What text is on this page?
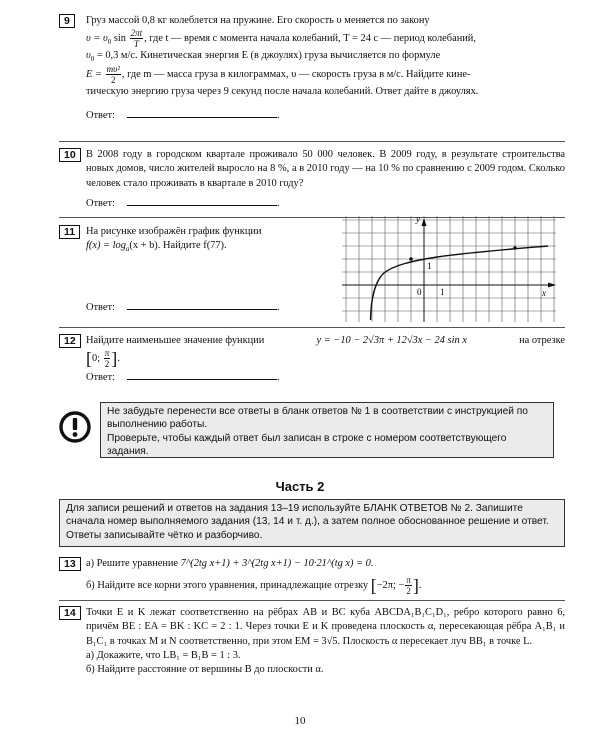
9	Груз массой 0,8 кг колеблется на пружине. Его скорость υ меняется по закону

$\upsilon = \upsilon_0$ $\sin \frac{2\pi t}{T}$ , где t — время с момента начала колебаний, T = 24 с — период колебаний,

$\upsilon_0 = 0,3$ м/с. Кинетическая энергия E (в джоулях) груза вычисляется по формуле

$E = \frac{\text{mυ²}}{2}$ , где m — масса груза в килограммах, υ — скорость груза в м/с. Найдите кине-

тическую энергию груза через 9 секунд после начала колебаний. Ответ дайте в джоулях.

Ответ:	.
10 В 2008 году в городском квартале проживало 50 000 человек. В 2009 году, в результате строительства новых домов, число жителей выросло на 8 %, а в 2010 году — на 10 % по сравнению с 2009 годом. Сколько человек стало проживать в квартале в 2010 году?

Ответ:	.
11	На рисунке изображён график функции

$f(x) = \log_a(x + b)$. Найдите f(77).

Ответ:	.
y
x
0 1
1
12 Найдите наименьшее значение функции	y = −10 − 2√3π + 12√3x − 24 sin x	на отрезке

[0; $\frac{\pi}{2}$ ].

Ответ:	.

Не забудьте перенести все ответы в бланк ответов № 1 в соответствии с инструкцией по выполнению работы.

Проверьте, чтобы каждый ответ был записан в строке с номером соответствующего задания.

Часть 2
Для записи решений и ответов на задания 13–19 используйте БЛАНК ОТВЕТОВ № 2. Запишите сначала номер выполняемого задания (13, 14 и т. д.), а затем полное обоснованное решение и ответ. Ответы записывайте чётко и разборчиво.
13 а) Решите уравнение 7^(2tg x+1) + 3^(2tg x+1) − 10·21^(tg x) = 0.

б) Найдите все корни этого уравнения, принадлежащие отрезку [−2π; − $\frac{\pi}{2}$ ].

14 Точки E и K лежат соответственно на рёбрах AB и BC куба ABCDA₁B₁C₁D₁, ребро которого равно 6, причём BE : EA = BK : KC = 2 : 1. Через точки E и K проведена плоскость α, пересекающая рёбра A₁B₁ и B₁C₁ в точках M и N соответственно, при этом EM = 3√5. Плоскость α пересекает луч BB₁ в точке L.

а) Докажите, что LB₁ = B₁B = 1 : 3.

б) Найдите расстояние от вершины B до плоскости α.

10
